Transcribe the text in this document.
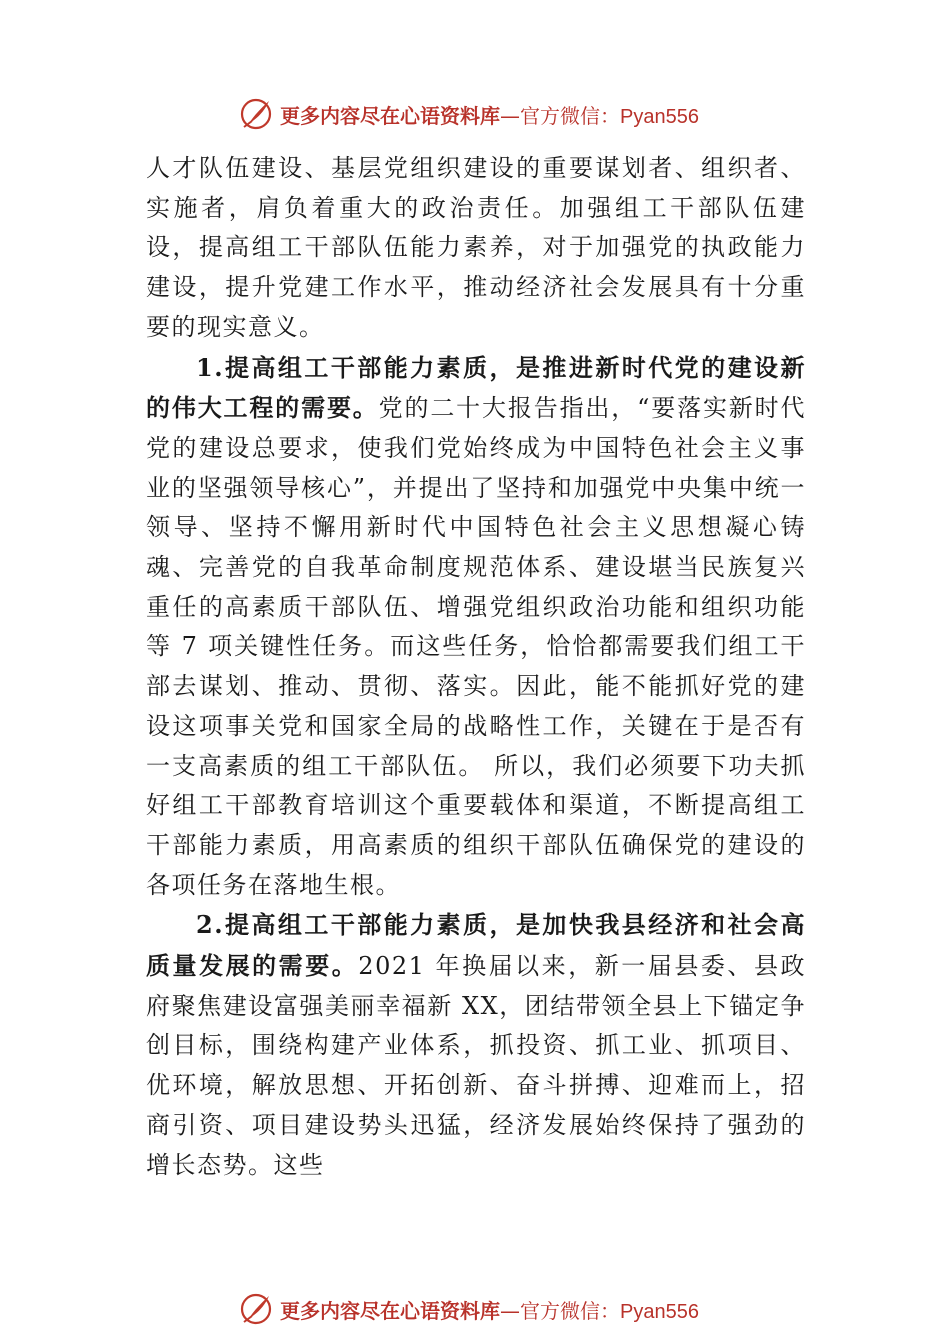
更多内容尽在心语资料库—官方微信：Pyan556

人才队伍建设、基层党组织建设的重要谋划者、组织者、实施者，肩负着重大的政治责任。加强组工干部队伍建设，提高组工干部队伍能力素养，对于加强党的执政能力建设，提升党建工作水平，推动经济社会发展具有十分重要的现实意义。

1.提高组工干部能力素质，是推进新时代党的建设新的伟大工程的需要。党的二十大报告指出，“要落实新时代党的建设总要求，使我们党始终成为中国特色社会主义事业的坚强领导核心”，并提出了坚持和加强党中央集中统一领导、坚持不懈用新时代中国特色社会主义思想凝心铸魂、完善党的自我革命制度规范体系、建设堪当民族复兴重任的高素质干部队伍、增强党组织政治功能和组织功能等 7 项关键性任务。而这些任务，恰恰都需要我们组工干部去谋划、推动、贯彻、落实。因此，能不能抓好党的建设这项事关党和国家全局的战略性工作，关键在于是否有一支高素质的组工干部队伍。 所以，我们必须要下功夫抓好组工干部教育培训这个重要载体和渠道，不断提高组工干部能力素质，用高素质的组织干部队伍确保党的建设的各项任务在落地生根。

2.提高组工干部能力素质，是加快我县经济和社会高质量发展的需要。2021 年换届以来，新一届县委、县政府聚焦建设富强美丽幸福新 XX，团结带领全县上下锚定争创目标，围绕构建产业体系，抓投资、抓工业、抓项目、优环境，解放思想、开拓创新、奋斗拼搏、迎难而上，招商引资、项目建设势头迅猛，经济发展始终保持了强劲的增长态势。这些

更多内容尽在心语资料库—官方微信：Pyan556
